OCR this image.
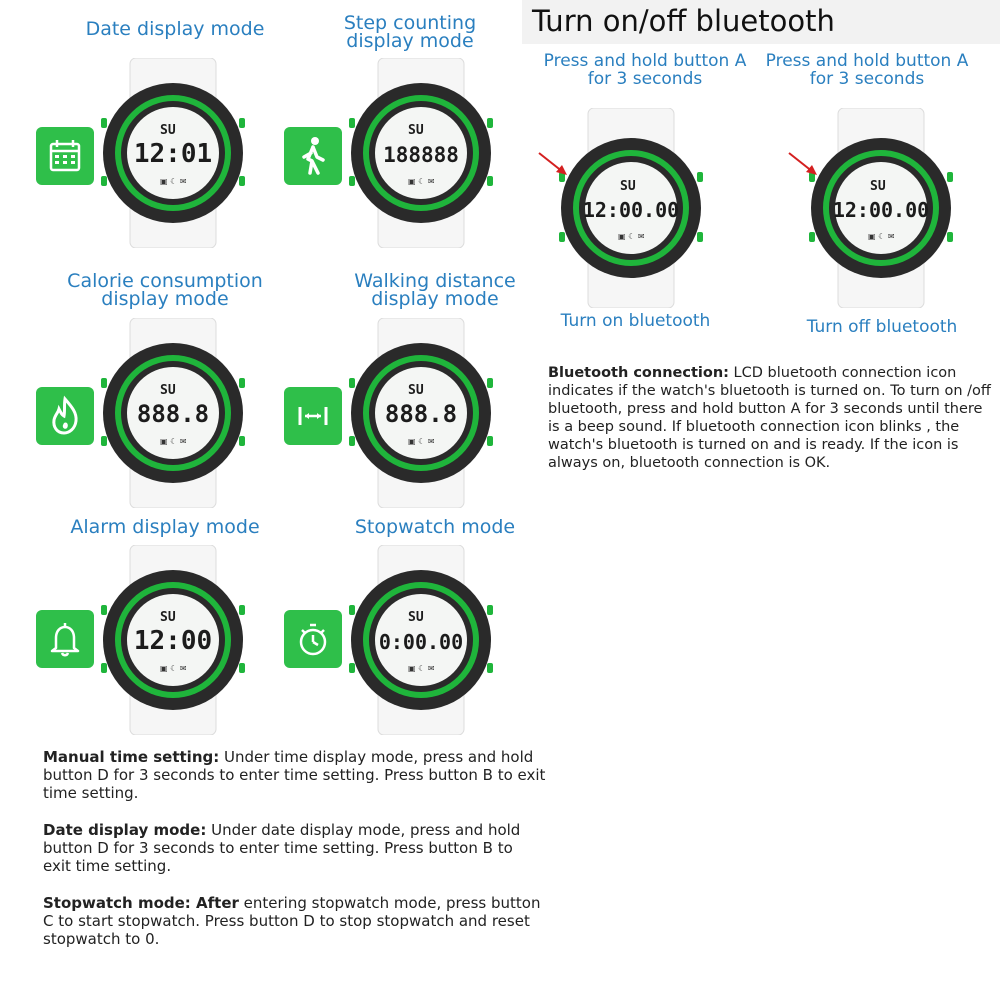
Date display mode	Step counting display mode
Calorie consumption display mode
Walking distance display mode
Alarm display mode	Stopwatch mode
SU
12:01
▣ ☾ ✉
SU
188888
▣ ☾ ✉
SU
888.8
▣ ☾ ✉
SU
888.8
▣ ☾ ✉
SU
12:00
▣ ☾ ✉
SU
0:00.00
▣ ☾ ✉
Turn on/off bluetooth
Press and hold button A for 3 seconds
Press and hold button A for 3 seconds
SU
12:00.00
▣ ☾ ✉
SU
12:00.00
▣ ☾ ✉
Turn on bluetooth	Turn off bluetooth
Bluetooth connection: LCD bluetooth connection icon indicates if the watch's bluetooth is turned on. To turn on /off bluetooth, press and hold button A for 3 seconds until there is a beep sound. If bluetooth connection icon blinks , the watch's bluetooth is turned on and is ready. If the icon is always on, bluetooth connection is OK.
Manual time setting: Under time display mode, press and hold button D for 3 seconds to enter time setting. Press button B to exit time setting.
Date display mode: Under date display mode, press and hold button D for 3 seconds to enter time setting. Press button B to exit time setting.
Stopwatch mode: After entering stopwatch mode, press button C to start stopwatch. Press button D to stop stopwatch and reset stopwatch to 0.
